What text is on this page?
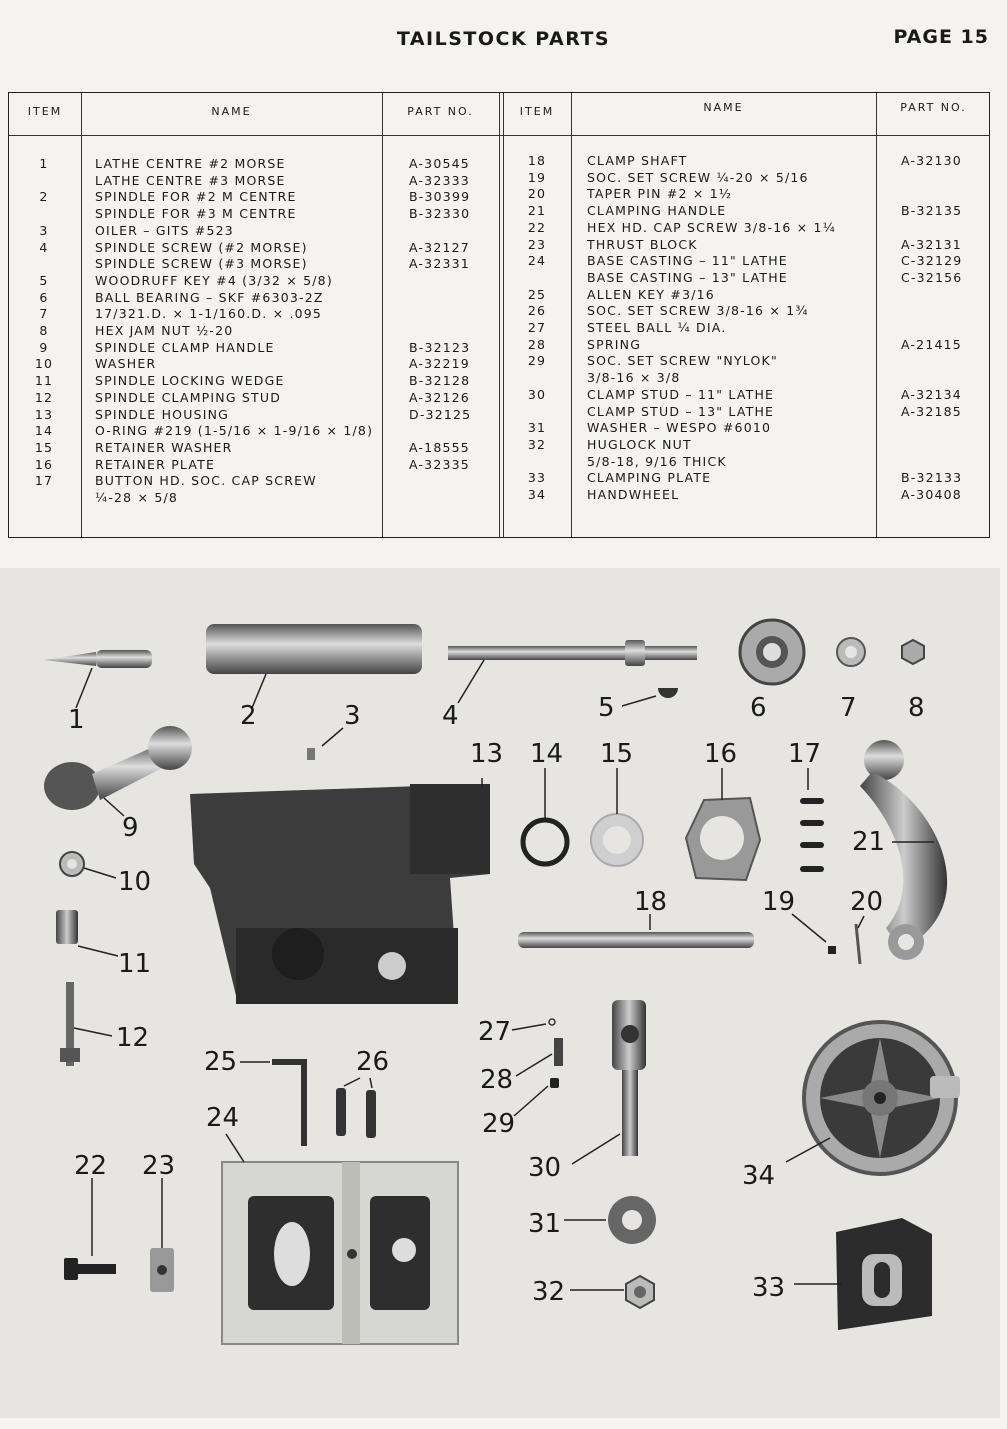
TAILSTOCK PARTS	PAGE 15
ITEM	NAME	PART NO.	ITEM	NAME	PART NO.
1	LATHE CENTRE #2 MORSE	A-30545
LATHE CENTRE #3 MORSE	A-32333
2	SPINDLE FOR #2 M CENTRE	B-30399
SPINDLE FOR #3 M CENTRE	B-32330
3	OILER – GITS #523
4	SPINDLE SCREW (#2 MORSE)	A-32127
SPINDLE SCREW (#3 MORSE)	A-32331
5	WOODRUFF KEY #4 (3/32 × 5/8)
6	BALL BEARING – SKF #6303-2Z
7	17/321.D. × 1-1/160.D. × .095
8	HEX JAM NUT ½-20
9	SPINDLE CLAMP HANDLE	B-32123
10	WASHER	A-32219
11	SPINDLE LOCKING WEDGE	B-32128
12	SPINDLE CLAMPING STUD	A-32126
13	SPINDLE HOUSING	D-32125
14	O-RING #219 (1-5/16 × 1-9/16 × 1/8)
15	RETAINER WASHER	A-18555
16	RETAINER PLATE	A-32335
17	BUTTON HD. SOC. CAP SCREW
¼-28 × 5/8
18	CLAMP SHAFT	A-32130
19	SOC. SET SCREW ¼-20 × 5/16
20	TAPER PIN #2 × 1½
21	CLAMPING HANDLE	B-32135
22	HEX HD. CAP SCREW 3/8-16 × 1¼
23	THRUST BLOCK	A-32131
24	BASE CASTING – 11" LATHE	C-32129
BASE CASTING – 13" LATHE	C-32156
25	ALLEN KEY #3/16
26	SOC. SET SCREW 3/8-16 × 1¾
27	STEEL BALL ¼ DIA.
28	SPRING	A-21415
29	SOC. SET SCREW "NYLOK"
3/8-16 × 3/8
30	CLAMP STUD – 11" LATHE	A-32134
CLAMP STUD – 13" LATHE	A-32185
31	WASHER – WESPO #6010
32	HUGLOCK NUT
5/8-18, 9/16 THICK
33	CLAMPING PLATE	B-32133
34	HANDWHEEL	A-30408
1	2	3	4	5	6	7 8
9
10
11
12
13 14 15	16 17
18	19 20
21
22 23
24
25	26
27
28
29
30
31
32	33
34
